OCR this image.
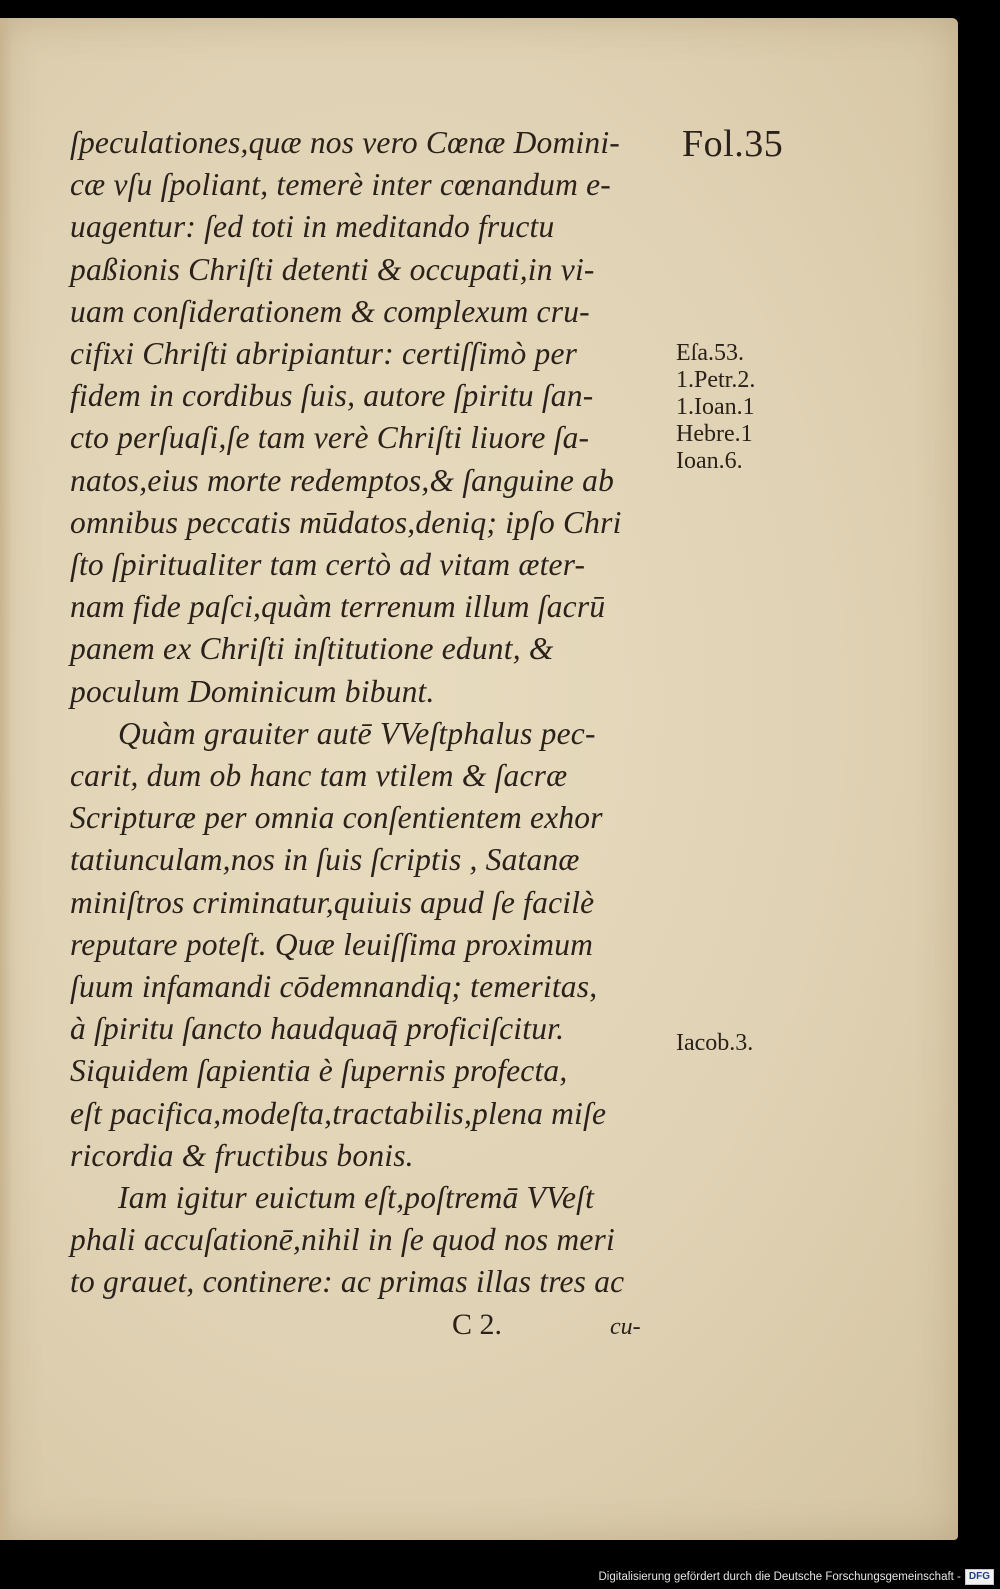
Fol.35
ſpeculationes,quæ nos vero Cœnæ Domini-
cæ vſu ſpoliant, temerè inter cœnandum e-
uagentur: ſed toti in meditando fructu
paßionis Chriſti detenti & occupati,in vi-
uam conſiderationem & complexum cru-
cifixi Chriſti abripiantur: certiſſimò per
fidem in cordibus ſuis, autore ſpiritu ſan-
cto perſuaſi,ſe tam verè Chriſti liuore ſa-
natos,eius morte redemptos,& ſanguine ab
omnibus peccatis mūdatos,deniq; ipſo Chri
ſto ſpiritualiter tam certò ad vitam æter-
nam fide paſci,quàm terrenum illum ſacrū
panem ex Chriſti inſtitutione edunt, &
poculum Dominicum bibunt.
Quàm grauiter autē VVeſtphalus pec-
carit, dum ob hanc tam vtilem & ſacræ
Scripturæ per omnia conſentientem exhor
tatiunculam,nos in ſuis ſcriptis , Satanæ
miniſtros criminatur,quiuis apud ſe facilè
reputare poteſt. Quæ leuiſſima proximum
ſuum infamandi cōdemnandiq; temeritas,
à ſpiritu ſancto haudquaq̄ proficiſcitur.
Siquidem ſapientia è ſupernis profecta,
eſt pacifica,modeſta,tractabilis,plena miſe
ricordia & fructibus bonis.
Iam igitur euictum eſt,poſtremā VVeſt
phali accuſationē,nihil in ſe quod nos meri
to grauet, continere: ac primas illas tres ac
Eſa.53.
1.Petr.2.
1.Ioan.1
Hebre.1
Ioan.6.
Iacob.3.
C 2.	cu-
Digitalisierung gefördert durch die Deutsche Forschungsgemeinschaft - DFG
